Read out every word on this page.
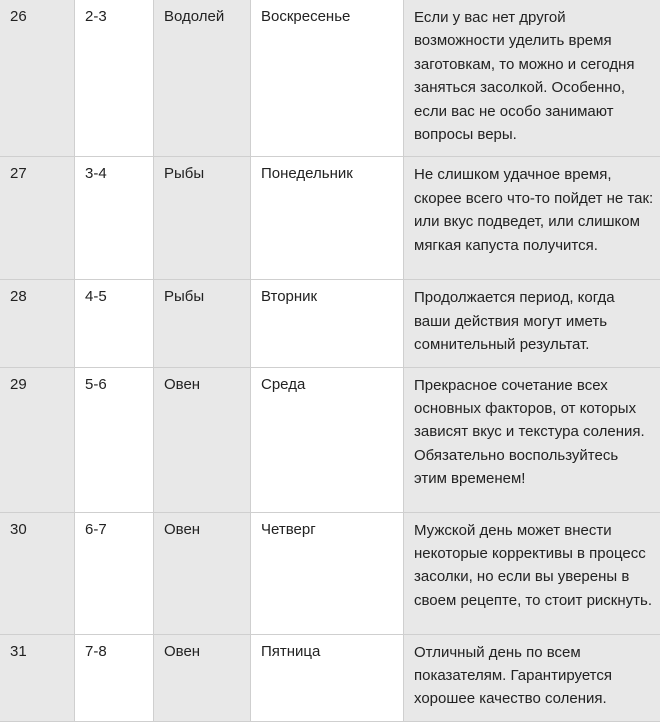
26	2-3	Водолей	Воскресенье	Если у вас нет другой возможности уделить время заготовкам, то можно и сегодня заняться засолкой. Особенно, если вас не особо занимают вопросы веры.
27	3-4	Рыбы	Понедельник	Не слишком удачное время, скорее всего что-то пойдет не так: или вкус подведет, или слишком мягкая капуста получится.
28	4-5	Рыбы	Вторник	Продолжается период, когда ваши действия могут иметь сомнительный результат.
29	5-6	Овен	Среда	Прекрасное сочетание всех основных факторов, от которых зависят вкус и текстура соления. Обязательно воспользуйтесь этим временем!
30	6-7	Овен	Четверг	Мужской день может внести некоторые коррективы в процесс засолки, но если вы уверены в своем рецепте, то стоит рискнуть.
31	7-8	Овен	Пятница	Отличный день по всем показателям. Гарантируется хорошее качество соления.
